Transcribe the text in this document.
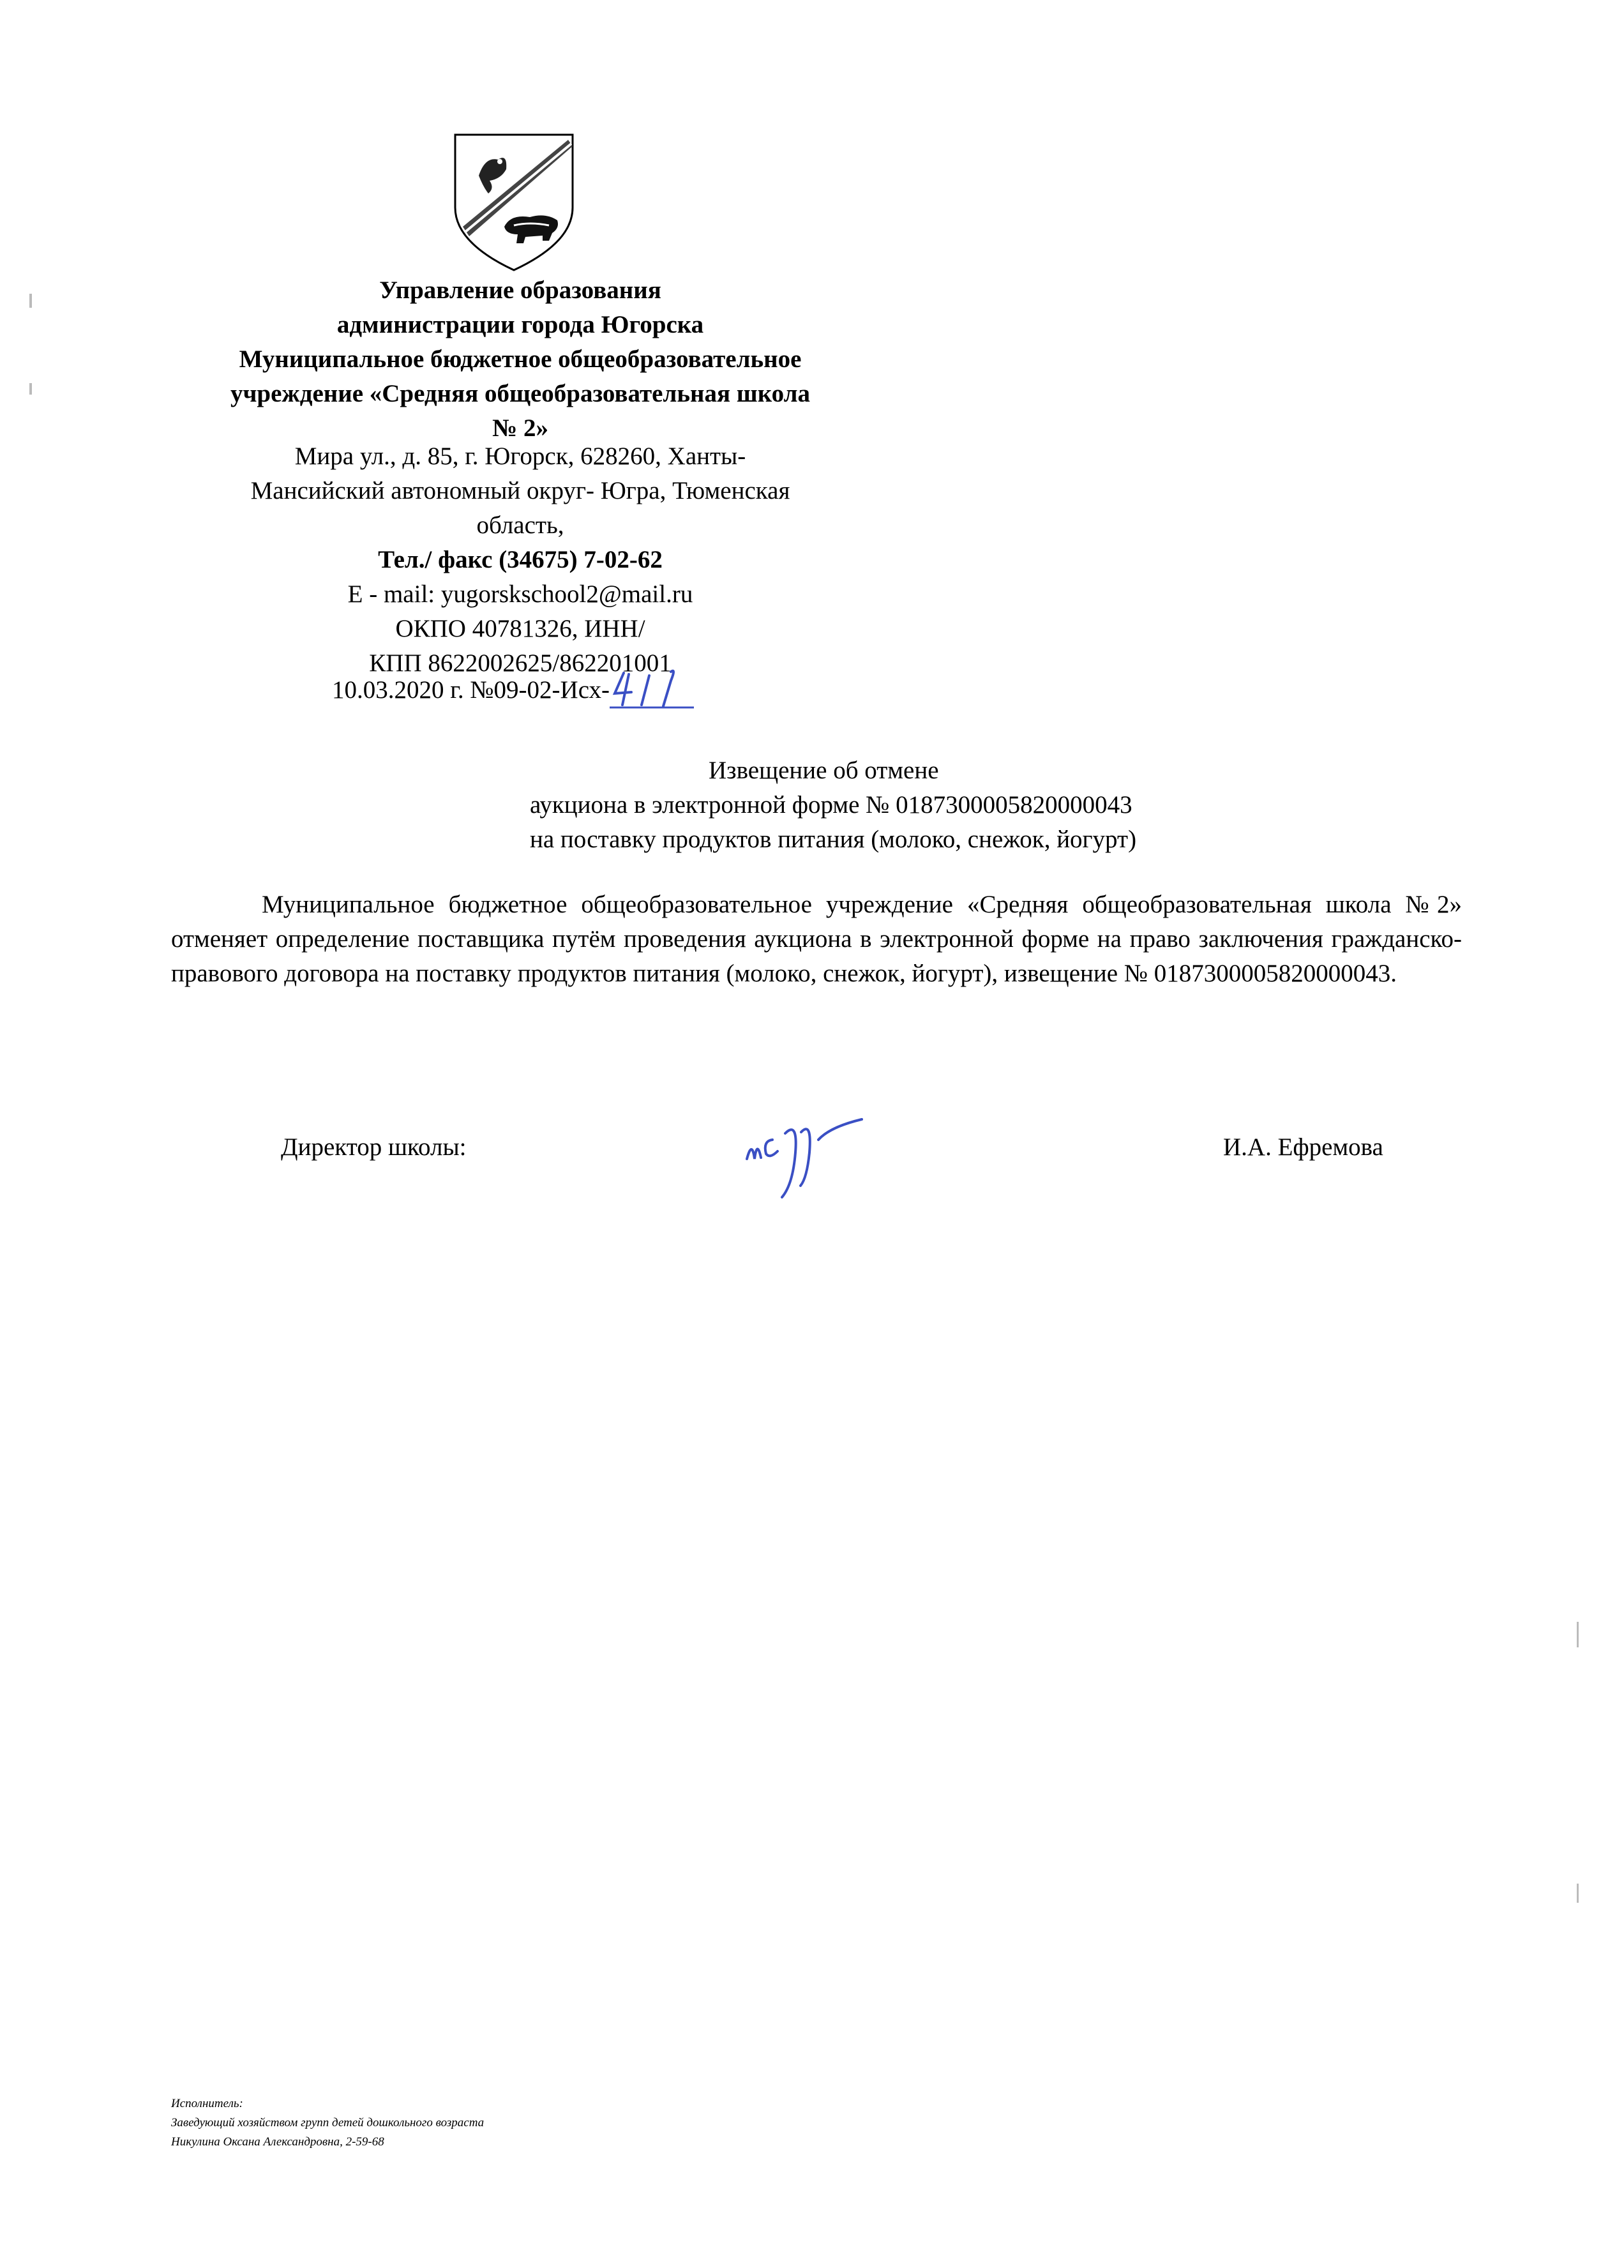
Управление образования
администрации города Югорска
Муниципальное бюджетное общеобразовательное
учреждение «Средняя общеобразовательная школа
№ 2»
Мира ул., д. 85, г. Югорск, 628260, Ханты-
Мансийский автономный округ- Югра, Тюменская
область,
Тел./ факс (34675) 7-02-62
E - mail: yugorskschool2@mail.ru
ОКПО 40781326, ИНН/
КПП 8622002625/862201001
10.03.2020 г. №09-02-Исх-
Извещение об отмене
аукциона в электронной форме № 0187300005820000043
на поставку продуктов питания (молоко, снежок, йогурт)
Муниципальное бюджетное общеобразовательное учреждение «Средняя общеобразовательная школа №2» отменяет определение поставщика путём проведения аукциона в электронной форме на право заключения гражданско-правового договора на поставку продуктов питания (молоко, снежок, йогурт), извещение № 0187300005820000043.
Директор школы:	И.А. Ефремова
Исполнитель:
Заведующий хозяйством групп детей дошкольного возраста
Никулина Оксана Александровна, 2-59-68
